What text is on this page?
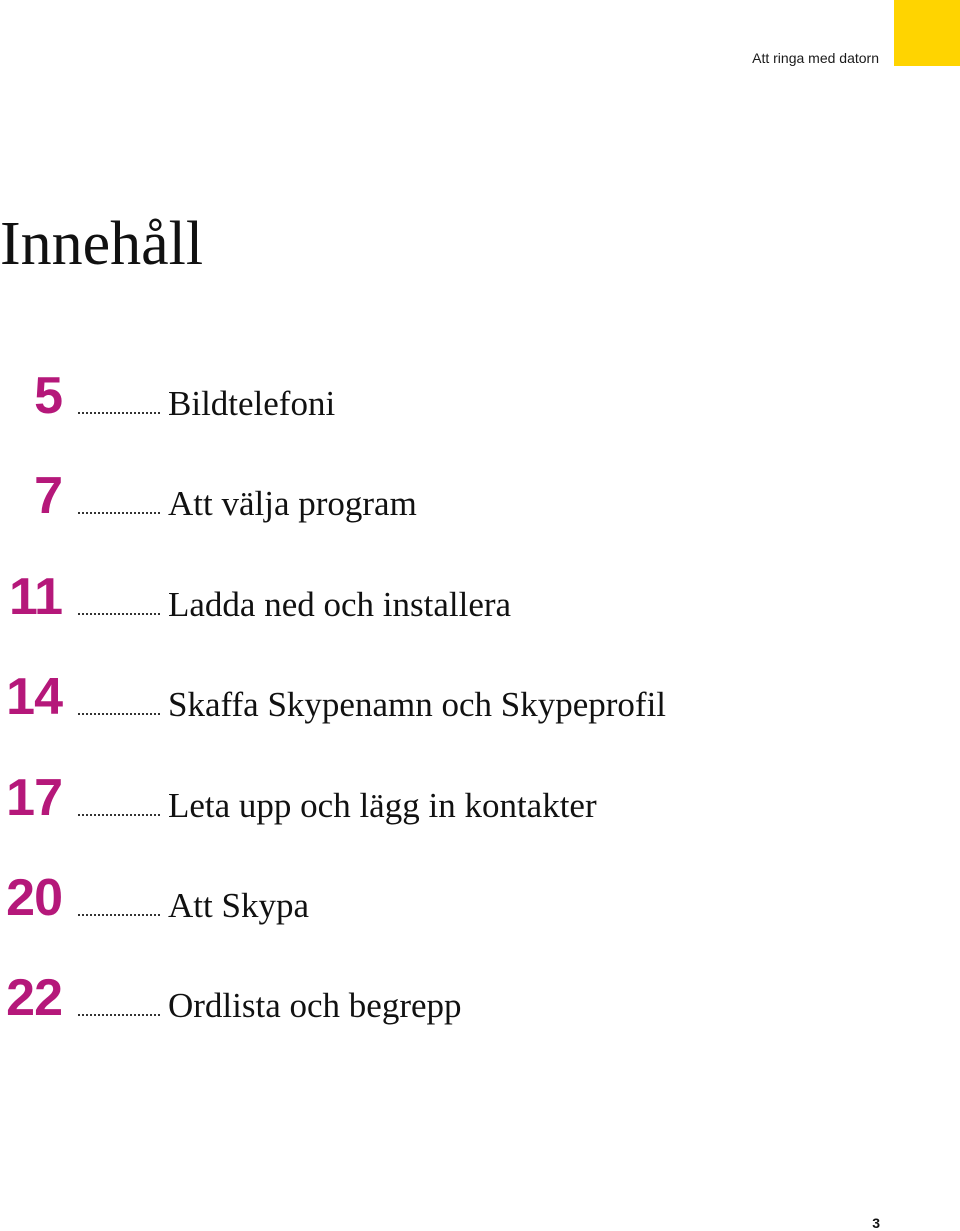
Att ringa med datorn
Innehåll
5	Bildtelefoni
7	Att välja program
11	Ladda ned och installera
14	Skaffa Skypenamn och Skypeprofil
17	Leta upp och lägg in kontakter
20	Att Skypa
22	Ordlista och begrepp
3
